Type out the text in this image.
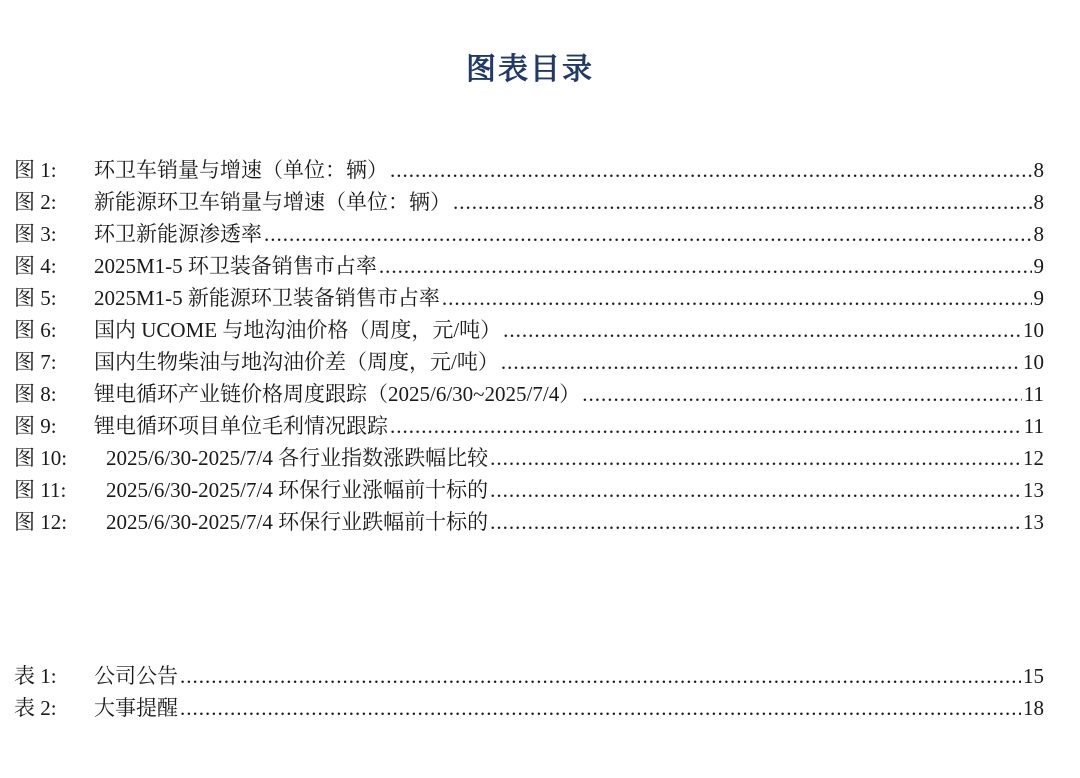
图表目录
图 1:	环卫车销量与增速（单位：辆） .....	8
图 2:	新能源环卫车销量与增速（单位：辆） .....	8
图 3:	环卫新能源渗透率 .....	8
图 4:	2025M1-5 环卫装备销售市占率 .....	9
图 5:	2025M1-5 新能源环卫装备销售市占率 .....	9
图 6:	国内 UCOME 与地沟油价格（周度，元/吨） .....	10
图 7:	国内生物柴油与地沟油价差（周度，元/吨） .....	10
图 8:	锂电循环产业链价格周度跟踪（2025/6/30~2025/7/4） .....	11
图 9:	锂电循环项目单位毛利情况跟踪 .....	11
图 10:	2025/6/30-2025/7/4 各行业指数涨跌幅比较 .....	12
图 11:	2025/6/30-2025/7/4 环保行业涨幅前十标的 .....	13
图 12:	2025/6/30-2025/7/4 环保行业跌幅前十标的 .....	13
表 1:	公司公告 .....	15
表 2:	大事提醒 .....	18
